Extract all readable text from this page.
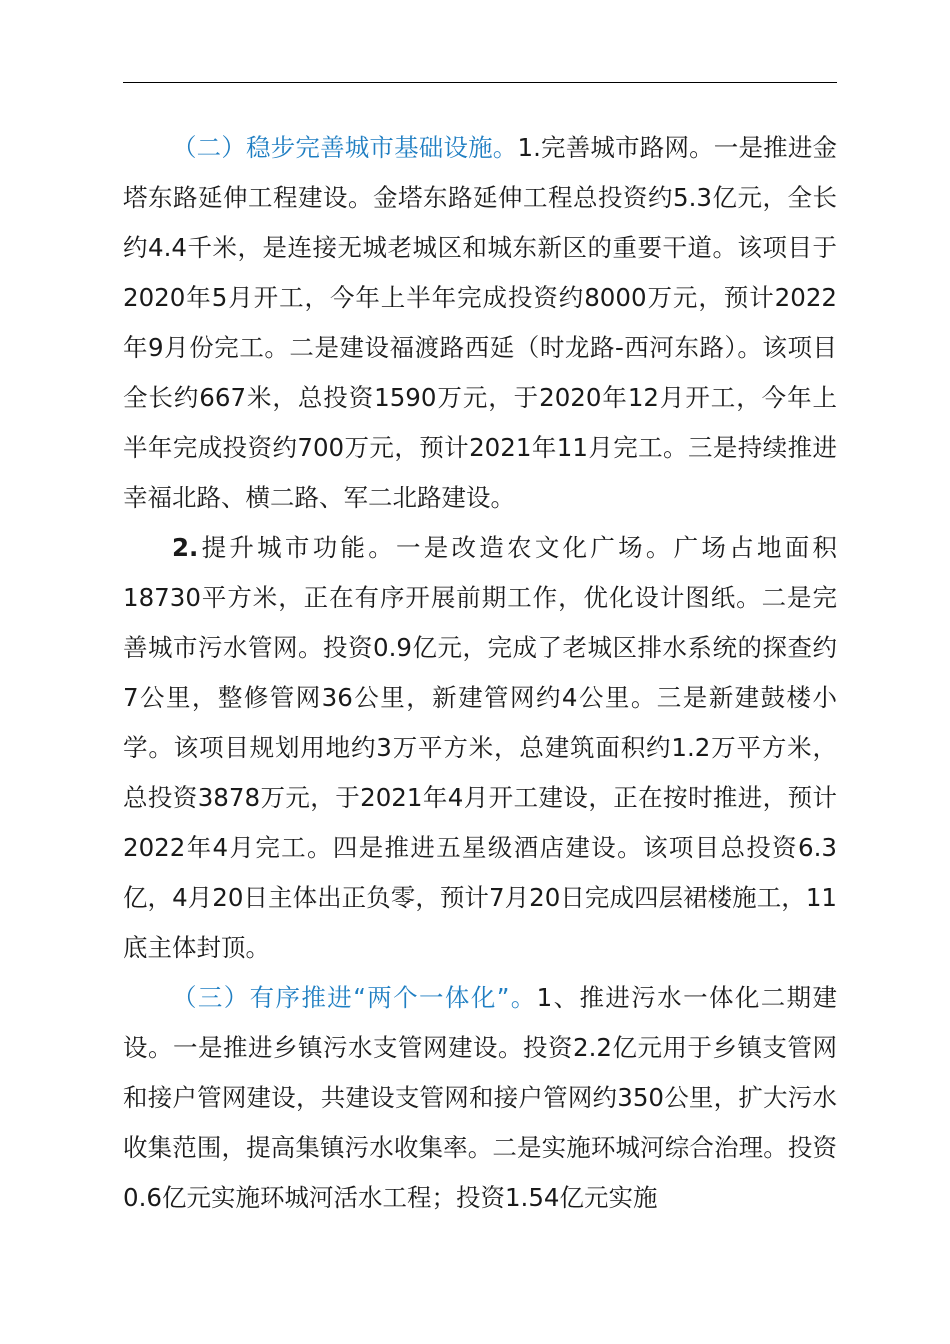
（二）稳步完善城市基础设施。1.完善城市路网。一是推进金塔东路延伸工程建设。金塔东路延伸工程总投资约5.3亿元，全长约4.4千米，是连接无城老城区和城东新区的重要干道。该项目于2020年5月开工，今年上半年完成投资约8000万元，预计2022年9月份完工。二是建设福渡路西延（时龙路-西河东路）。该项目全长约667米，总投资1590万元，于2020年12月开工，今年上半年完成投资约700万元，预计2021年11月完工。三是持续推进幸福北路、横二路、军二北路建设。

2.提升城市功能。一是改造农文化广场。广场占地面积18730平方米，正在有序开展前期工作，优化设计图纸。二是完善城市污水管网。投资0.9亿元，完成了老城区排水系统的探查约7公里，整修管网36公里，新建管网约4公里。三是新建鼓楼小学。该项目规划用地约3万平方米，总建筑面积约1.2万平方米，总投资3878万元，于2021年4月开工建设，正在按时推进，预计2022年4月完工。四是推进五星级酒店建设。该项目总投资6.3亿，4月20日主体出正负零，预计7月20日完成四层裙楼施工，11底主体封顶。

（三）有序推进“两个一体化”。1、推进污水一体化二期建设。一是推进乡镇污水支管网建设。投资2.2亿元用于乡镇支管网和接户管网建设，共建设支管网和接户管网约350公里，扩大污水收集范围，提高集镇污水收集率。二是实施环城河综合治理。投资0.6亿元实施环城河活水工程；投资1.54亿元实施
